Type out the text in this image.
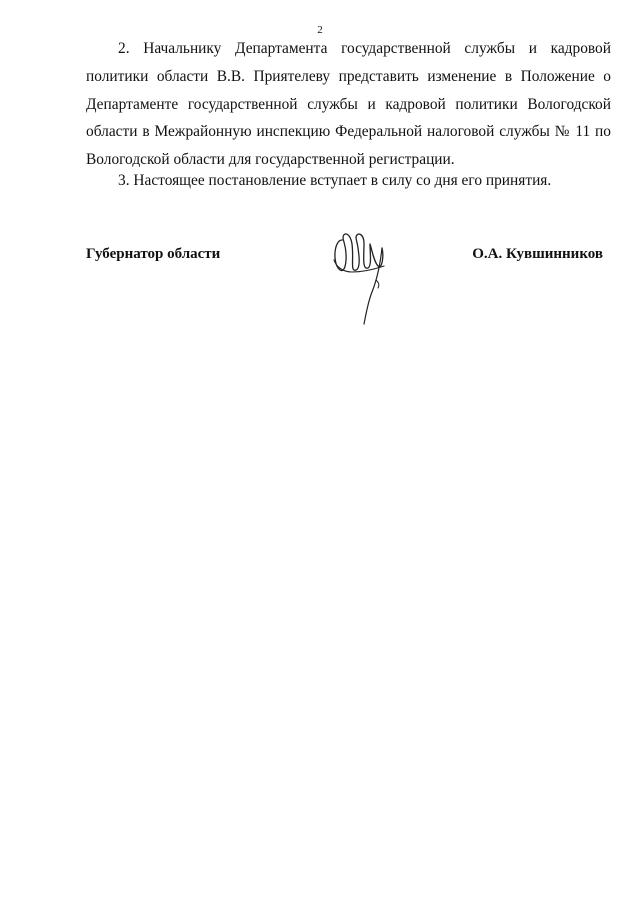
2

2. Начальнику Департамента государственной службы и кадровой политики области В.В. Приятелеву представить изменение в Положение о Департаменте государственной службы и кадровой политики Вологодской области в Межрайонную инспекцию Федеральной налоговой службы № 11 по Вологодской области для государственной регистрации.

3. Настоящее постановление вступает в силу со дня его принятия.

Губернатор области	О.А. Кувшинников
